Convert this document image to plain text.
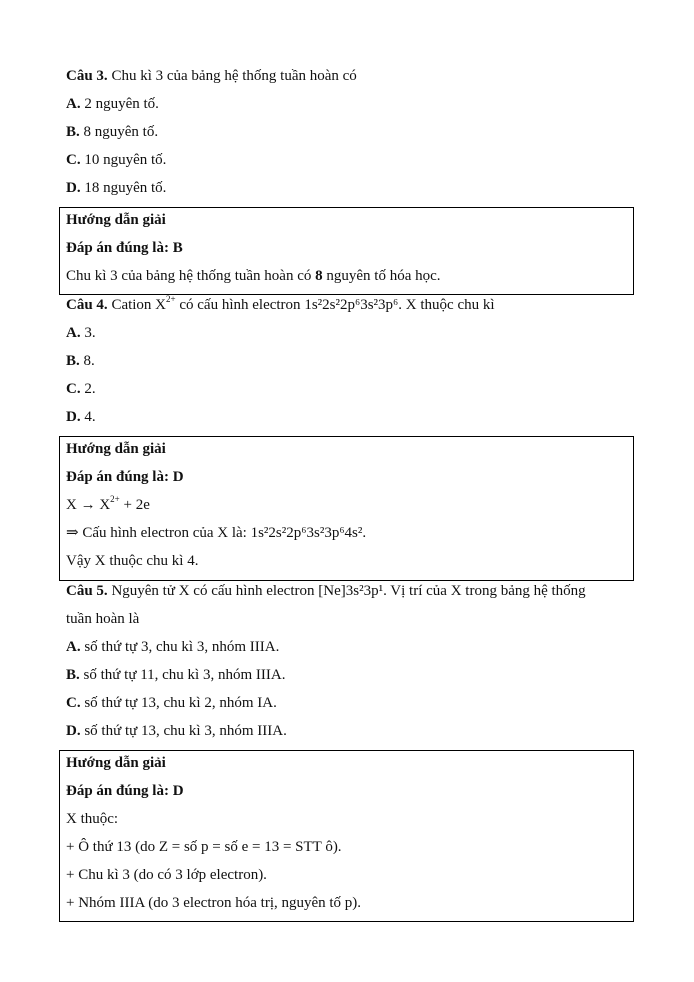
Câu 3. Chu kì 3 của bảng hệ thống tuần hoàn có
A. 2 nguyên tố.
B. 8 nguyên tố.
C. 10 nguyên tố.
D. 18 nguyên tố.
Hướng dẫn giải
Đáp án đúng là: B
Chu kì 3 của bảng hệ thống tuần hoàn có 8 nguyên tố hóa học.
Câu 4. Cation $X^{2+}$ có cấu hình electron 1s²2s²2p⁶3s²3p⁶. X thuộc chu kì
A. 3.
B. 8.
C. 2.
D. 4.
Hướng dẫn giải
Đáp án đúng là: D
$X \to X^{2+} + 2e$
⇒ Cấu hình electron của X là: 1s²2s²2p⁶3s²3p⁶4s².
Vậy X thuộc chu kì 4.
Câu 5. Nguyên tử X có cấu hình electron [Ne]3s²3p¹. Vị trí của X trong bảng hệ thống
tuần hoàn là
A. số thứ tự 3, chu kì 3, nhóm IIIA.
B. số thứ tự 11, chu kì 3, nhóm IIIA.
C. số thứ tự 13, chu kì 2, nhóm IA.
D. số thứ tự 13, chu kì 3, nhóm IIIA.
Hướng dẫn giải
Đáp án đúng là: D
X thuộc:
+ Ô thứ 13 (do Z = số p = số e = 13 = STT ô).
+ Chu kì 3 (do có 3 lớp electron).
+ Nhóm IIIA (do 3 electron hóa trị, nguyên tố p).
